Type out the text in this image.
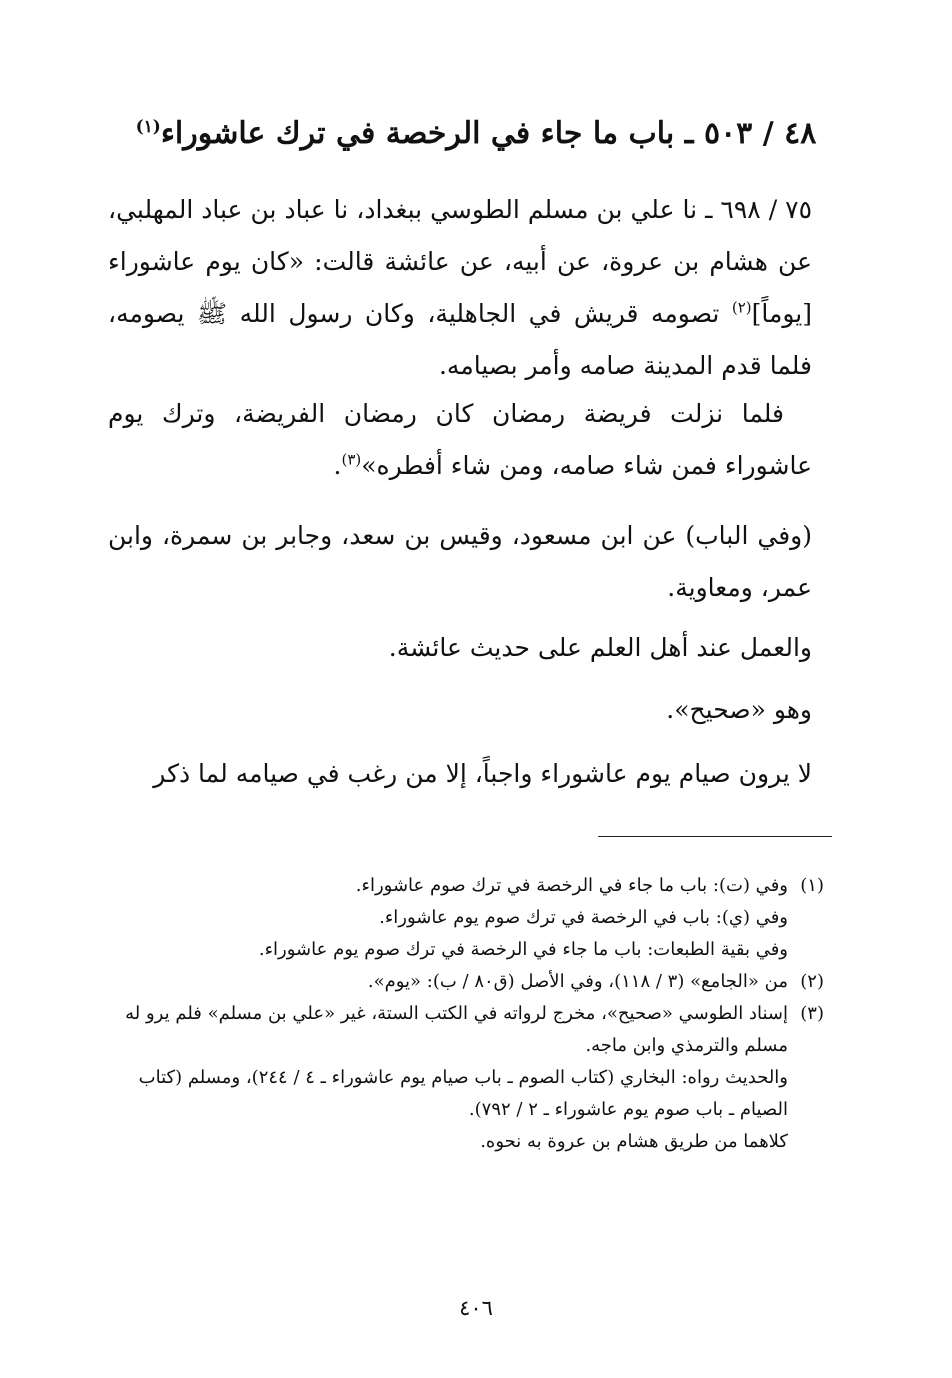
٤٨ / ٥٠٣ ـ باب ما جاء في الرخصة في ترك عاشوراء$^{(١)}$

٧٥ / ٦٩٨ ـ نا علي بن مسلم الطوسي ببغداد، نا عباد بن عباد المهلبي، عن هشام بن عروة، عن أبيه، عن عائشة قالت: «كان يوم عاشوراء [يوماً]$^{(٢)}$ تصومه قريش في الجاهلية، وكان رسول الله ﷺ يصومه، فلما قدم المدينة صامه وأمر بصيامه.

فلما نزلت فريضة رمضان كان رمضان الفريضة، وترك يوم عاشوراء فمن شاء صامه، ومن شاء أفطره»$^{(٣)}$.

(وفي الباب) عن ابن مسعود، وقيس بن سعد، وجابر بن سمرة، وابن عمر، ومعاوية.

والعمل عند أهل العلم على حديث عائشة.

وهو «صحيح».

لا يرون صيام يوم عاشوراء واجباً، إلا من رغب في صيامه لما ذكر

(١)
وفي (ت): باب ما جاء في الرخصة في ترك صوم عاشوراء.
وفي (ي): باب في الرخصة في ترك صوم يوم عاشوراء.
وفي بقية الطبعات: باب ما جاء في الرخصة في ترك صوم يوم عاشوراء.
(٢)
من «الجامع» (٣ / ١١٨)، وفي الأصل (ق٨٠ / ب): «يوم».
(٣)
إسناد الطوسي «صحيح»، مخرج لرواته في الكتب الستة، غير «علي بن مسلم» فلم يرو له مسلم والترمذي وابن ماجه.
والحديث رواه: البخاري (كتاب الصوم ـ باب صيام يوم عاشوراء ـ ٤ / ٢٤٤)، ومسلم (كتاب الصيام ـ باب صوم يوم عاشوراء ـ ٢ / ٧٩٢).
كلاهما من طريق هشام بن عروة به نحوه.
٤٠٦
